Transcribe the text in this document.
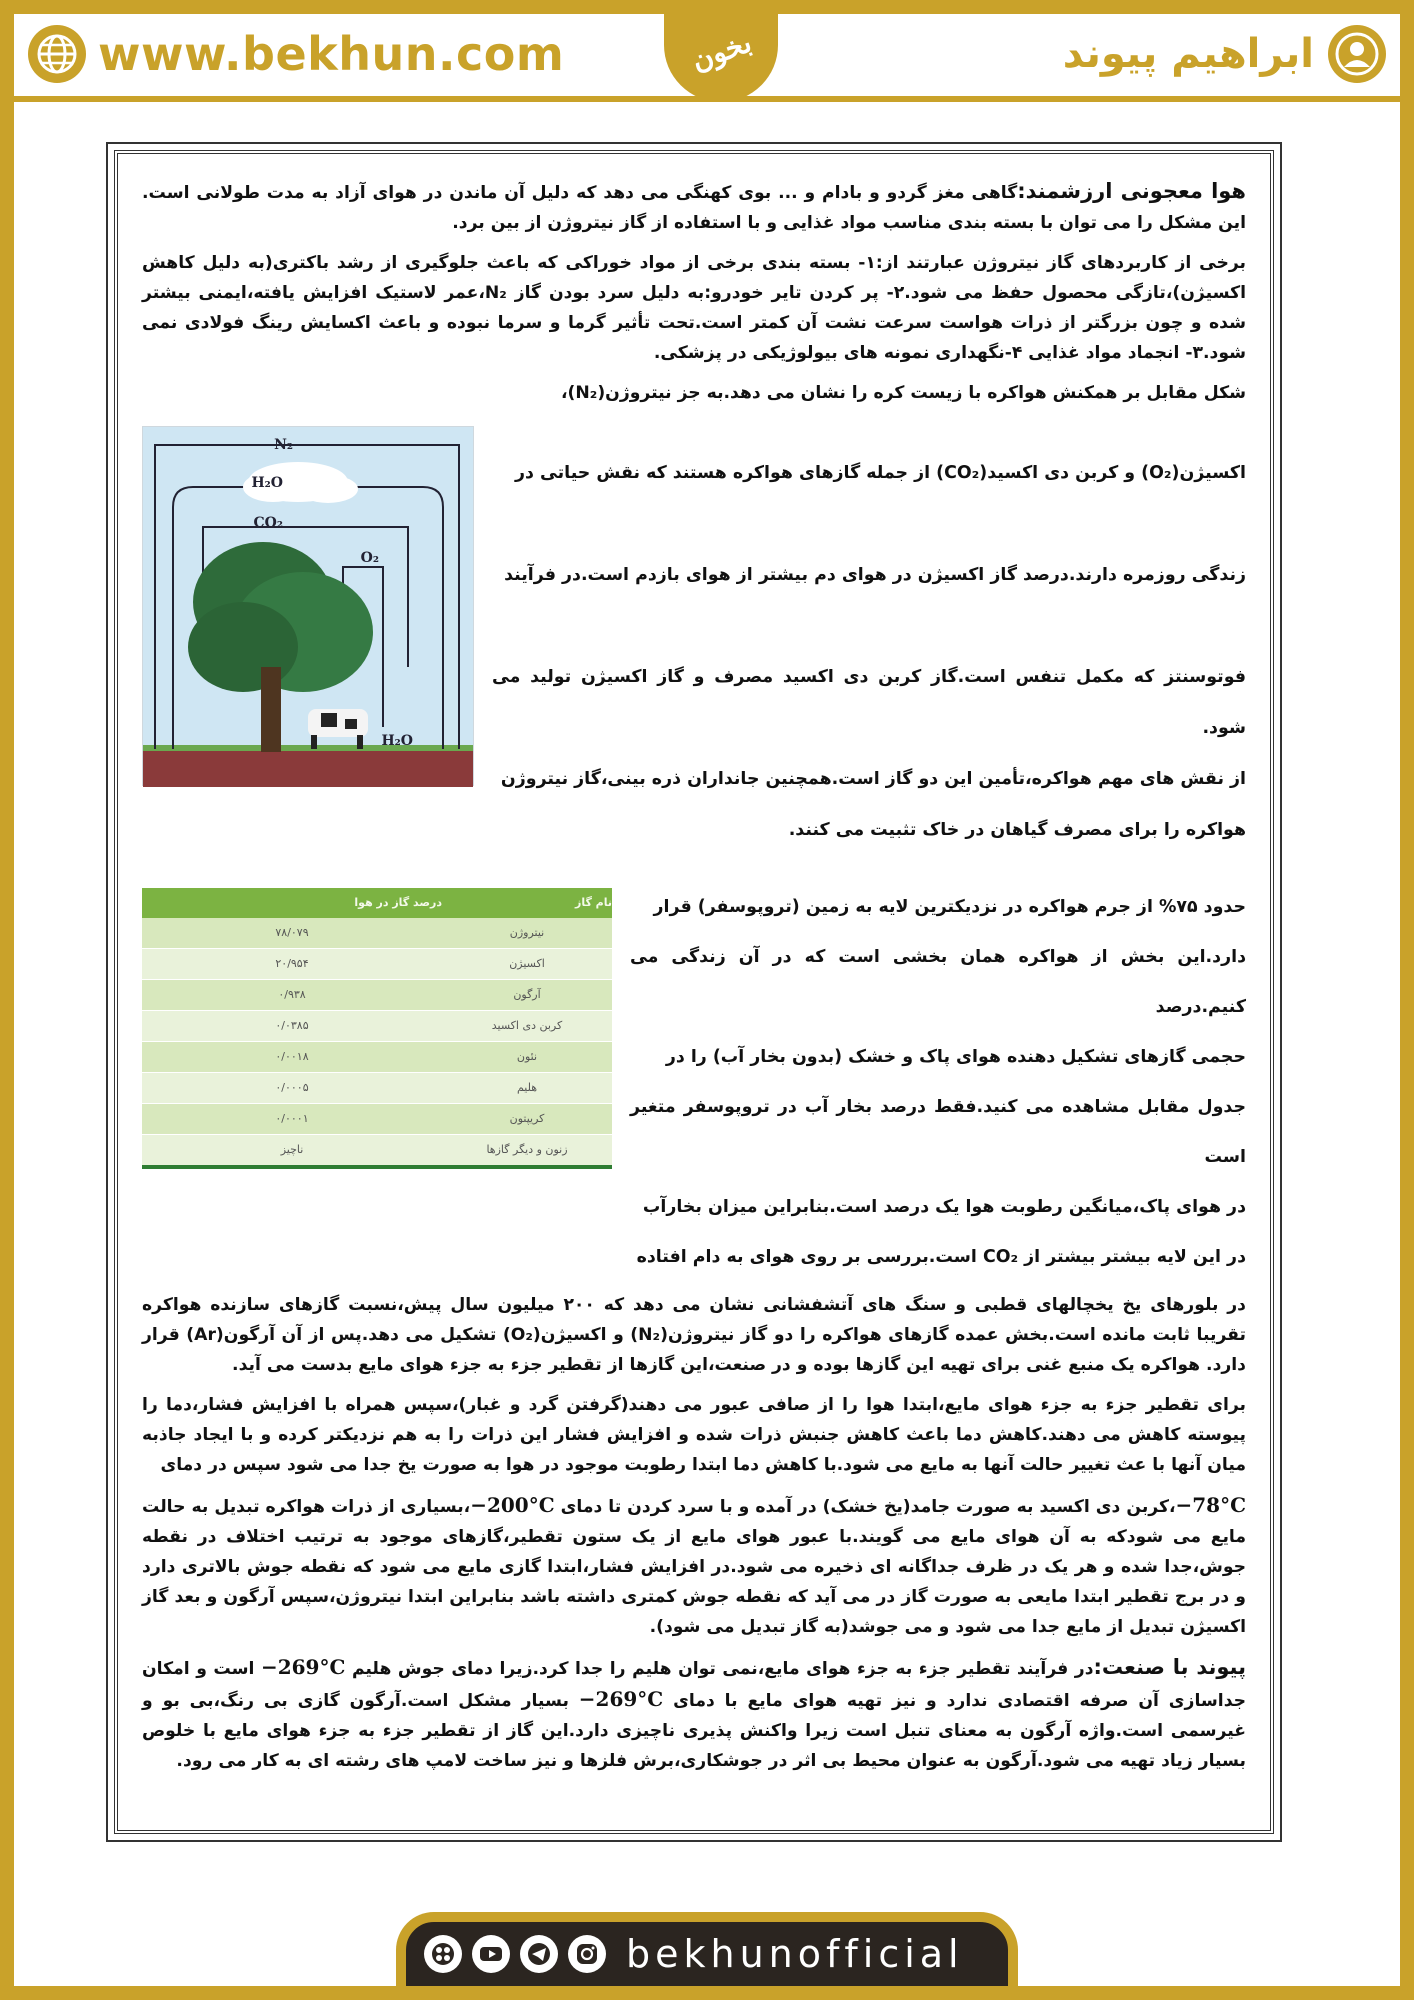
www.bekhun.com	بخون	ابراهیم پیوند

هوا معجونی ارزشمند:گاهی مغز گردو و بادام و ... بوی کهنگی می دهد که دلیل آن ماندن در هوای آزاد به مدت طولانی است. این مشکل را می توان با بسته بندی مناسب مواد غذایی و با استفاده از گاز نیتروژن از بین برد.

برخی از کاربردهای گاز نیتروژن عبارتند از:۱- بسته بندی برخی از مواد خوراکی که باعث جلوگیری از رشد باکتری(به دلیل کاهش اکسیژن)،تازگی محصول حفظ می شود.۲- پر کردن تایر خودرو:به دلیل سرد بودن گاز N₂،عمر لاستیک افزایش یافته،ایمنی بیشتر شده و چون بزرگتر از ذرات هواست سرعت نشت آن کمتر است.تحت تأثیر گرما و سرما نبوده و باعث اکسایش رینگ فولادی نمی شود.۳- انجماد مواد غذایی ۴-نگهداری نمونه های بیولوژیکی در پزشکی.

شکل مقابل بر همکنش هواکره با زیست کره را نشان می دهد.به جز نیتروژن(N₂)،

اکسیژن(O₂) و کربن دی اکسید(CO₂) از جمله گازهای هواکره هستند که نقش حیاتی در
زندگی روزمره دارند.درصد گاز اکسیژن در هوای دم بیشتر از هوای بازدم است.در فرآیند
فوتوسنتز که مکمل تنفس است.گاز کربن دی اکسید مصرف و گاز اکسیژن تولید می شود.
از نقش های مهم هواکره،تأمین این دو گاز است.همچنین جانداران ذره بینی،گاز نیتروژن
هواکره را برای مصرف گیاهان در خاک تثبیت می کنند.
N₂
H₂O
CO₂
O₂
H₂O
حدود ۷۵% از جرم هواکره در نزدیکترین لایه به زمین (تروپوسفر) قرار
دارد.این بخش از هواکره همان بخشی است که در آن زندگی می کنیم.درصد
حجمی گازهای تشکیل دهنده هوای پاک و خشک (بدون بخار آب) را در
جدول مقابل مشاهده می کنید.فقط درصد بخار آب در تروپوسفر متغیر است
در هوای پاک،میانگین رطوبت هوا یک درصد است.بنابراین میزان بخارآب
در این لایه بیشتر بیشتر از CO₂ است.بررسی بر روی هوای به دام افتاده
نام گاز	درصد گاز در هوا
نیتروژن	۷۸/۰۷۹
اکسیژن	۲۰/۹۵۴
آرگون	۰/۹۳۸
کربن دی اکسید	۰/۰۳۸۵
نئون	۰/۰۰۱۸
هلیم	۰/۰۰۰۵
کریپتون	۰/۰۰۰۱
زنون و دیگر گازها	ناچیز

در بلورهای یخ یخچالهای قطبی و سنگ های آتشفشانی نشان می دهد که ۲۰۰ میلیون سال پیش،نسبت گازهای سازنده هواکره تقریبا ثابت مانده است.بخش عمده گازهای هواکره را دو گاز نیتروژن(N₂) و اکسیژن(O₂) تشکیل می دهد.پس از آن آرگون(Ar) قرار دارد. هواکره یک منبع غنی برای تهیه این گازها بوده و در صنعت،این گازها از تقطیر جزء به جزء هوای مایع بدست می آید.

برای تقطیر جزء به جزء هوای مایع،ابتدا هوا را از صافی عبور می دهند(گرفتن گرد و غبار)،سپس همراه با افزایش فشار،دما را پیوسته کاهش می دهند.کاهش دما باعث کاهش جنبش ذرات شده و افزایش فشار این ذرات را به هم نزدیکتر کرده و با ایجاد جاذبه میان آنها با عث تغییر حالت آنها به مایع می شود.با کاهش دما ابتدا رطوبت موجود در هوا به صورت یخ جدا می شود سپس در دمای

−78°C،کربن دی اکسید به صورت جامد(یخ خشک) در آمده و با سرد کردن تا دمای −200°C،بسیاری از ذرات هواکره تبدیل به حالت مایع می شودکه به آن هوای مایع می گویند.با عبور هوای مایع از یک ستون تقطیر،گازهای موجود به ترتیب اختلاف در نقطه جوش،جدا شده و هر یک در ظرف جداگانه ای ذخیره می شود.در افزایش فشار،ابتدا گازی مایع می شود که نقطه جوش بالاتری دارد و در برج تقطیر ابتدا مایعی به صورت گاز در می آید که نقطه جوش کمتری داشته باشد بنابراین ابتدا نیتروژن،سپس آرگون و بعد گاز اکسیژن تبدیل از مایع جدا می شود و می جوشد(به گاز تبدیل می شود).

پیوند با صنعت:در فرآیند تقطیر جزء به جزء هوای مایع،نمی توان هلیم را جدا کرد.زیرا دمای جوش هلیم −269°C است و امکان جداسازی آن صرفه اقتصادی ندارد و نیز تهیه هوای مایع با دمای −269°C بسیار مشکل است.آرگون گازی بی رنگ،بی بو و غیرسمی است.واژه آرگون به معنای تنبل است زیرا واکنش پذیری ناچیزی دارد.این گاز از تقطیر جزء به جزء هوای مایع با خلوص بسیار زیاد تهیه می شود.آرگون به عنوان محیط بی اثر در جوشکاری،برش فلزها و نیز ساخت لامپ های رشته ای به کار می رود.

bekhunofficial
